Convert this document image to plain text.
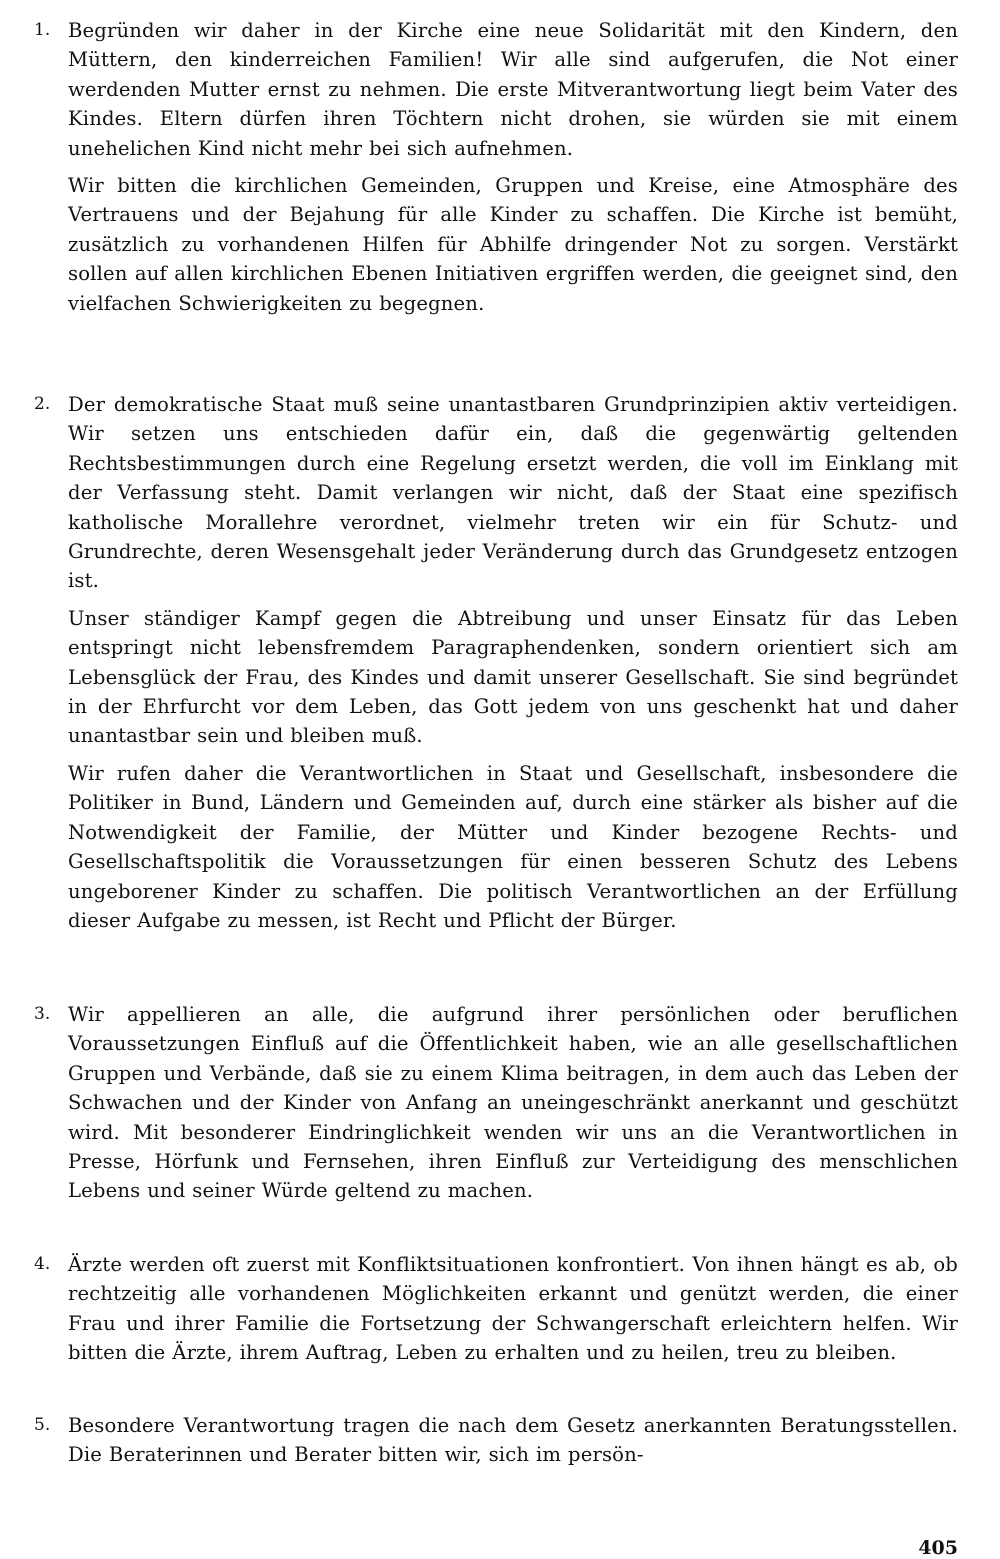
1. Begründen wir daher in der Kirche eine neue Solidarität mit den Kindern, den Müttern, den kinderreichen Familien! Wir alle sind aufgerufen, die Not einer werdenden Mutter ernst zu nehmen. Die erste Mitverantwortung liegt beim Vater des Kindes. Eltern dürfen ihren Töchtern nicht drohen, sie würden sie mit einem unehelichen Kind nicht mehr bei sich aufnehmen.

Wir bitten die kirchlichen Gemeinden, Gruppen und Kreise, eine Atmosphäre des Vertrauens und der Bejahung für alle Kinder zu schaffen. Die Kirche ist bemüht, zusätzlich zu vorhandenen Hilfen für Abhilfe dringender Not zu sorgen. Verstärkt sollen auf allen kirchlichen Ebenen Initiativen ergriffen werden, die geeignet sind, den vielfachen Schwierigkeiten zu begegnen.

2. Der demokratische Staat muß seine unantastbaren Grundprinzipien aktiv verteidigen. Wir setzen uns entschieden dafür ein, daß die gegenwärtig geltenden Rechtsbestimmungen durch eine Regelung ersetzt werden, die voll im Einklang mit der Verfassung steht. Damit verlangen wir nicht, daß der Staat eine spezifisch katholische Morallehre verordnet, vielmehr treten wir ein für Schutz- und Grundrechte, deren Wesensgehalt jeder Veränderung durch das Grundgesetz entzogen ist.

Unser ständiger Kampf gegen die Abtreibung und unser Einsatz für das Leben entspringt nicht lebensfremdem Paragraphendenken, sondern orientiert sich am Lebensglück der Frau, des Kindes und damit unserer Gesellschaft. Sie sind begründet in der Ehrfurcht vor dem Leben, das Gott jedem von uns geschenkt hat und daher unantastbar sein und bleiben muß.

Wir rufen daher die Verantwortlichen in Staat und Gesellschaft, insbesondere die Politiker in Bund, Ländern und Gemeinden auf, durch eine stärker als bisher auf die Notwendigkeit der Familie, der Mütter und Kinder bezogene Rechts- und Gesellschaftspolitik die Voraussetzungen für einen besseren Schutz des Lebens ungeborener Kinder zu schaffen. Die politisch Verantwortlichen an der Erfüllung dieser Aufgabe zu messen, ist Recht und Pflicht der Bürger.

3. Wir appellieren an alle, die aufgrund ihrer persönlichen oder beruflichen Voraussetzungen Einfluß auf die Öffentlichkeit haben, wie an alle gesellschaftlichen Gruppen und Verbände, daß sie zu einem Klima beitragen, in dem auch das Leben der Schwachen und der Kinder von Anfang an uneingeschränkt anerkannt und geschützt wird. Mit besonderer Eindringlichkeit wenden wir uns an die Verantwortlichen in Presse, Hörfunk und Fernsehen, ihren Einfluß zur Verteidigung des menschlichen Lebens und seiner Würde geltend zu machen.

4. Ärzte werden oft zuerst mit Konfliktsituationen konfrontiert. Von ihnen hängt es ab, ob rechtzeitig alle vorhandenen Möglichkeiten erkannt und genützt werden, die einer Frau und ihrer Familie die Fortsetzung der Schwangerschaft erleichtern helfen. Wir bitten die Ärzte, ihrem Auftrag, Leben zu erhalten und zu heilen, treu zu bleiben.

5. Besondere Verantwortung tragen die nach dem Gesetz anerkannten Beratungsstellen. Die Beraterinnen und Berater bitten wir, sich im persön-

405
